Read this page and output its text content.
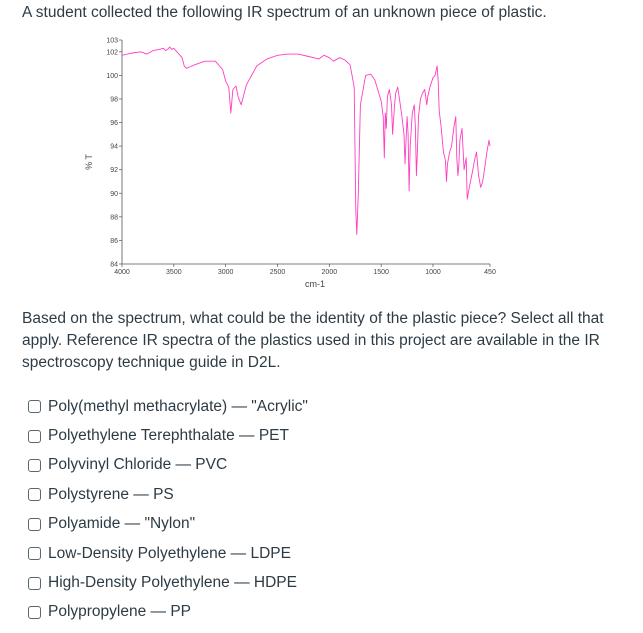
A student collected the following IR spectrum of an unknown piece of plastic.
103
102
100
98
96
94
92
90
88
86
84
4000	3500	3000	2500	2000	1500	1000	450
% T
cm-1
Based on the spectrum, what could be the identity of the plastic piece? Select all that apply. Reference IR spectra of the plastics used in this project are available in the IR spectroscopy technique guide in D2L.
Poly(methyl methacrylate) — "Acrylic"
Polyethylene Terephthalate — PET
Polyvinyl Chloride — PVC
Polystyrene — PS
Polyamide — "Nylon"
Low-Density Polyethylene — LDPE
High-Density Polyethylene — HDPE
Polypropylene — PP
